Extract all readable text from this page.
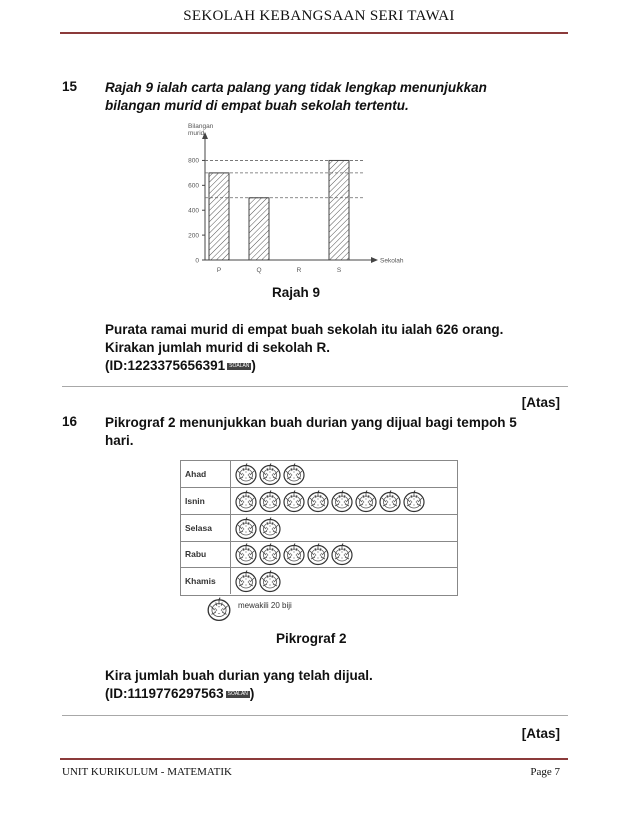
SEKOLAH KEBANGSAAN SERI TAWAI
15 Rajah 9 ialah carta palang yang tidak lengkap menunjukkan
bilangan murid di empat buah sekolah tertentu.
Bilangan
murid
Sekolah
0
200
400
600
800
P	Q	R	S
Rajah 9
Purata ramai murid di empat buah sekolah itu ialah 626 orang.
Kirakan jumlah murid di sekolah R.
(ID:1223375656391 SOALAN )
[Atas]
16 Pikrograf 2 menunjukkan buah durian yang dijual bagi tempoh 5
hari.
Ahad
Isnin
Selasa
Rabu
Khamis
mewakili 20 biji
Pikrograf 2
Kira jumlah buah durian yang telah dijual.
(ID:1119776297563 SOALAN )
[Atas]
UNIT KURIKULUM - MATEMATIK	Page 7
